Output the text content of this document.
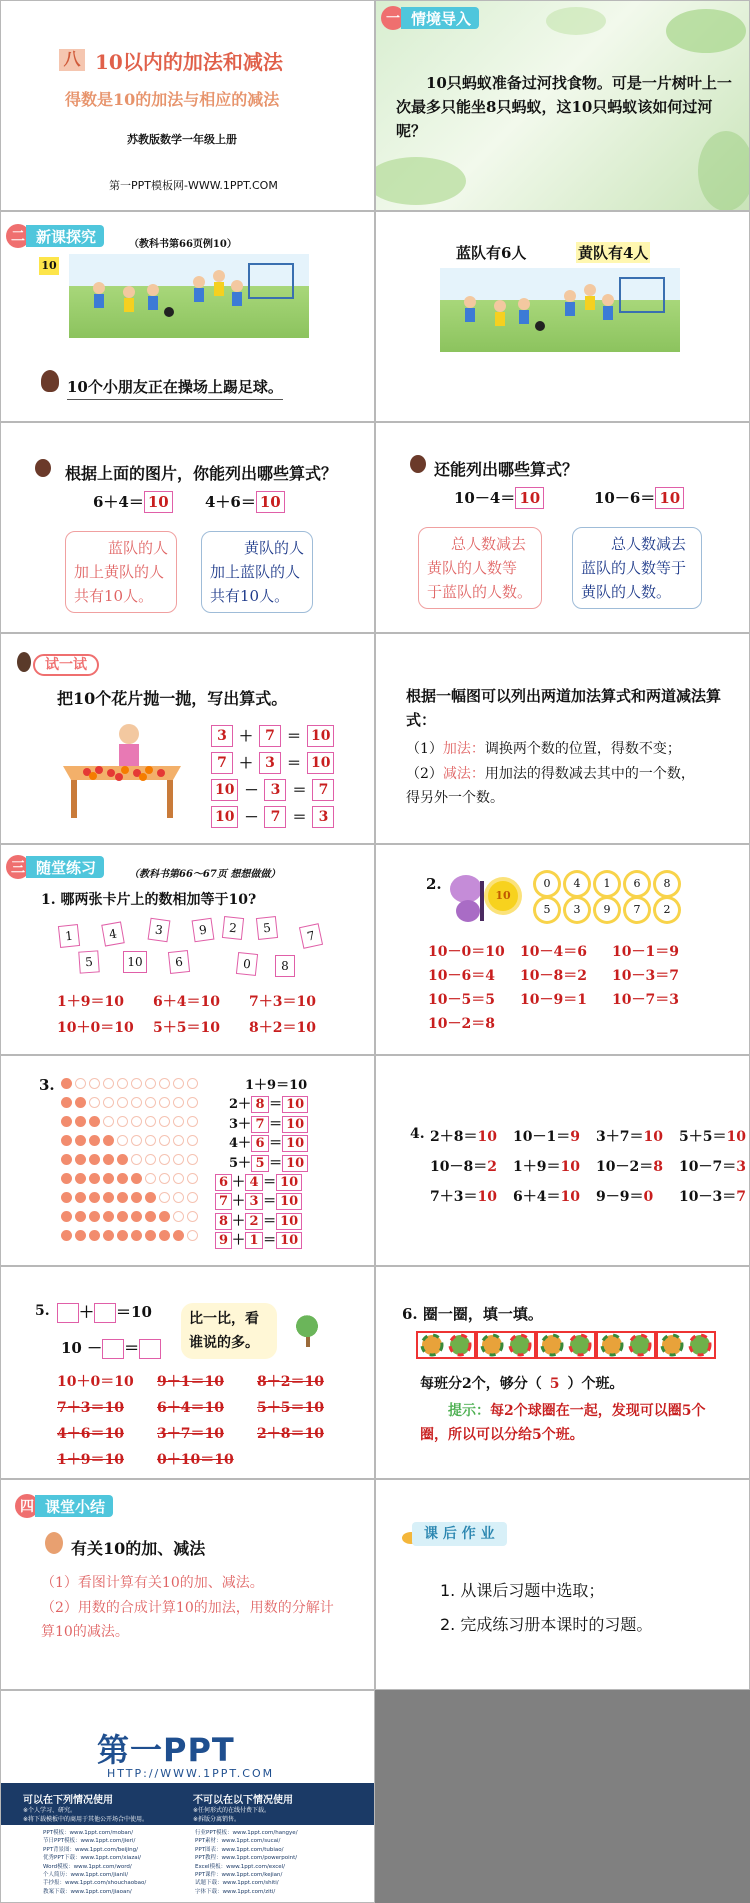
八 10以内的加法和减法
得数是10的加法与相应的减法
苏教版数学一年级上册
第一PPT模板网-WWW.1PPT.COM
一 情境导入
10只蚂蚁准备过河找食物。可是一片树叶上一次最多只能坐8只蚂蚁，这10只蚂蚁该如何过河呢？
二 新课探究	（教科书第66页例10）
10
10个小朋友正在操场上踢足球。
蓝队有6人	黄队有4人
根据上面的图片，你能列出哪些算式？
6＋4＝ 10 4＋6＝ 10
蓝队的人
加上黄队的人
共有10人。
黄队的人
加上蓝队的人
共有10人。
还能列出哪些算式？
10－4＝ 10	10－6＝ 10
总人数减去
黄队的人数等
于蓝队的人数。
总人数减去
蓝队的人数等于
黄队的人数。
试一试
把10个花片抛一抛，写出算式。
3 ＋ 7 ＝ 10
7 ＋ 3 ＝ 10
10 － 3 ＝ 7
10 － 7 ＝ 3
根据一幅图可以列出两道加法算式和两道减法算式：
（1）加法：调换两个数的位置，得数不变；
（2）减法：用加法的得数减去其中的一个数，得另外一个数。
三 随堂练习	（教科书第66～67页 想想做做）
1. 哪两张卡片上的数相加等于10?
1	4	3	9	2	5
7
5	10	6	0	8
1＋9＝10	6＋4＝10	7＋3＝10
10＋0＝10	5＋5＝10	8＋2＝10
2.
10
0	4	1	6	8
5	3	9	7	2
10－0＝10	10－4＝6	10－1＝9
10－6＝4	10－8＝2	10－3＝7
10－5＝5	10－9＝1	10－7＝3
10－2＝8
3.	1＋9＝10
2＋ 8 ＝ 10
3＋ 7 ＝ 10
4＋ 6 ＝ 10
5＋ 5 ＝ 10
6 ＋ 4 ＝ 10
7 ＋ 3 ＝ 10
8 ＋ 2 ＝ 10
9 ＋ 1 ＝ 10
4. 2＋8＝10	10－1＝9	3＋7＝10	5＋5＝10
10－8＝2	1＋9＝10	10－2＝8	10－7＝3
7＋3＝10	6＋4＝10	9－9＝0	10－3＝7
5.	＋ ＝10
10 － ＝
比一比，看
谁说的多。
10＋0＝10	9＋1＝10	8＋2＝10
7＋3＝10	6＋4＝10	5＋5＝10
4＋6＝10	3＋7＝10	2＋8＝10
1＋9＝10	0＋10＝10
6. 圈一圈，填一填。
每班分2个，够分（ 5 ）个班。
提示：每2个球圈在一起，发现可以圈5个圈，所以可以分给5个班。
四 课堂小结
有关10的加、减法
（1）看图计算有关10的加、减法。
（2）用数的合成计算10的加法，用数的分解计算10的减法。
课 后 作 业
1. 从课后习题中选取；
2. 完成练习册本课时的习题。
第一PPT
HTTP://WWW.1PPT.COM
可以在下列情况使用
※个人学习、研究。
※将下载模板中的商用于其他公开场合中使用。
不可以在以下情况使用
※任何形式的在线付费下载。
※拆版分离销售。
PPT模板：www.1ppt.com/moban/
节日PPT模板：www.1ppt.com/jieri/
PPT背景图：www.1ppt.com/beijing/
优秀PPT下载：www.1ppt.com/xiazai/
Word模板：www.1ppt.com/word/
个人简历：www.1ppt.com/jianli/
手抄报：www.1ppt.com/shouchaobao/
教案下载：www.1ppt.com/jiaoan/
行业PPT模板：www.1ppt.com/hangye/
PPT素材：www.1ppt.com/sucai/
PPT图表：www.1ppt.com/tubiao/
PPT教程：www.1ppt.com/powerpoint/
Excel模板：www.1ppt.com/excel/
PPT课件：www.1ppt.com/kejian/
试题下载：www.1ppt.com/shiti/
字体下载：www.1ppt.com/ziti/
